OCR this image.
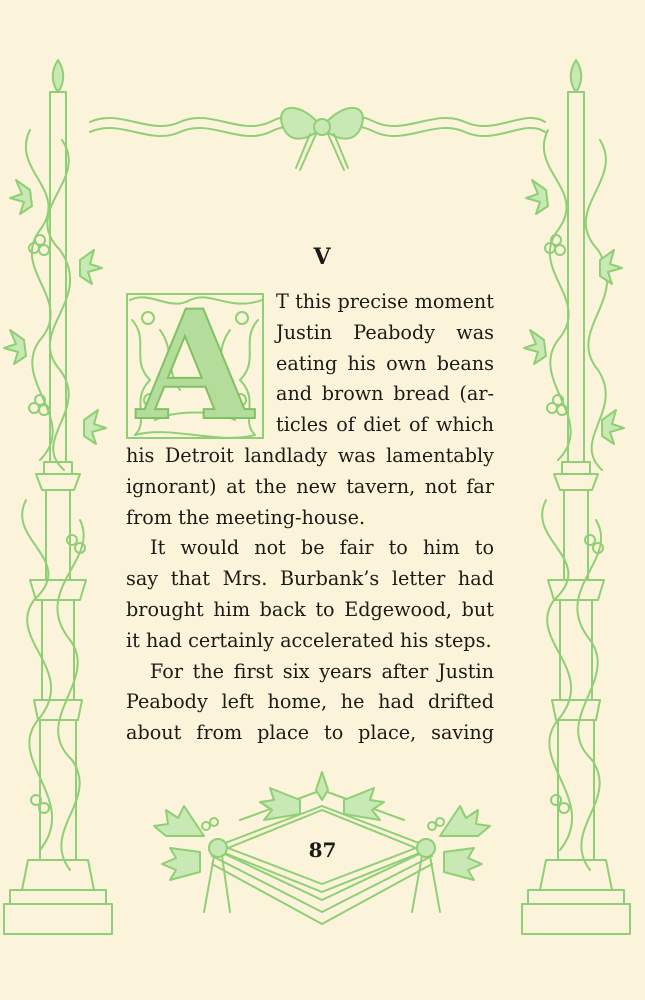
V
A	T this precise moment
Justin Peabody was
eating his own beans
and brown bread (ar-
ticles of diet of which
his Detroit landlady was lamentably
ignorant) at the new tavern, not far
from the meeting-house.
It would not be fair to him to
say that Mrs. Burbank’s letter had
brought him back to Edgewood, but
it had certainly accelerated his steps.
For the first six years after Justin
Peabody left home, he had drifted
about from place to place, saving
87
